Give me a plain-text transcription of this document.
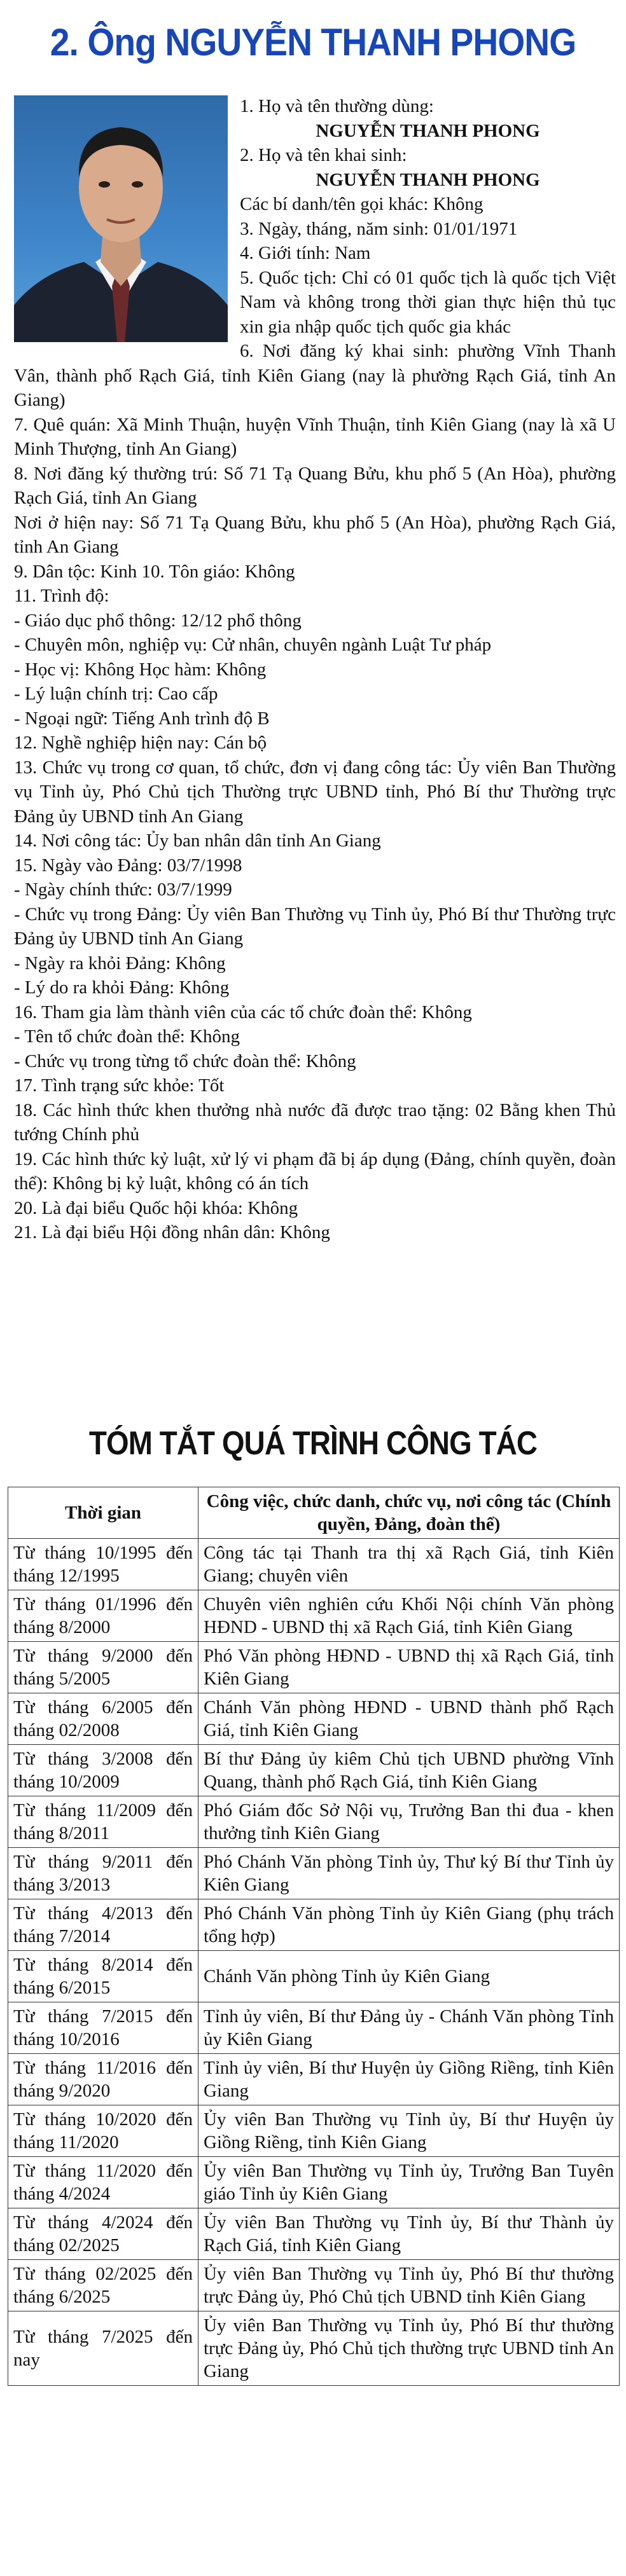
2. Ông NGUYỄN THANH PHONG
1. Họ và tên thường dùng:
NGUYỄN THANH PHONG
2. Họ và tên khai sinh:
NGUYỄN THANH PHONG
Các bí danh/tên gọi khác: Không
3. Ngày, tháng, năm sinh: 01/01/1971
4. Giới tính: Nam
5. Quốc tịch: Chỉ có 01 quốc tịch là quốc tịch Việt Nam và không trong thời gian thực hiện thủ tục xin gia nhập quốc tịch quốc gia khác
6. Nơi đăng ký khai sinh: phường Vĩnh Thanh Vân, thành phố Rạch Giá, tỉnh Kiên Giang (nay là phường Rạch Giá, tỉnh An Giang)
7. Quê quán: Xã Minh Thuận, huyện Vĩnh Thuận, tỉnh Kiên Giang (nay là xã U Minh Thượng, tỉnh An Giang)
8. Nơi đăng ký thường trú: Số 71 Tạ Quang Bửu, khu phố 5 (An Hòa), phường Rạch Giá, tỉnh An Giang
Nơi ở hiện nay: Số 71 Tạ Quang Bửu, khu phố 5 (An Hòa), phường Rạch Giá, tỉnh An Giang
9. Dân tộc: Kinh 10. Tôn giáo: Không
11. Trình độ:
- Giáo dục phổ thông: 12/12 phổ thông
- Chuyên môn, nghiệp vụ: Cử nhân, chuyên ngành Luật Tư pháp
- Học vị: Không Học hàm: Không
- Lý luận chính trị: Cao cấp
- Ngoại ngữ: Tiếng Anh trình độ B
12. Nghề nghiệp hiện nay: Cán bộ
13. Chức vụ trong cơ quan, tổ chức, đơn vị đang công tác: Ủy viên Ban Thường vụ Tỉnh ủy, Phó Chủ tịch Thường trực UBND tỉnh, Phó Bí thư Thường trực Đảng ủy UBND tỉnh An Giang
14. Nơi công tác: Ủy ban nhân dân tỉnh An Giang
15. Ngày vào Đảng: 03/7/1998
- Ngày chính thức: 03/7/1999
- Chức vụ trong Đảng: Ủy viên Ban Thường vụ Tỉnh ủy, Phó Bí thư Thường trực Đảng ủy UBND tỉnh An Giang
- Ngày ra khỏi Đảng: Không
- Lý do ra khỏi Đảng: Không
16. Tham gia làm thành viên của các tổ chức đoàn thể: Không
- Tên tổ chức đoàn thể: Không
- Chức vụ trong từng tổ chức đoàn thể: Không
17. Tình trạng sức khỏe: Tốt
18. Các hình thức khen thưởng nhà nước đã được trao tặng: 02 Bằng khen Thủ tướng Chính phủ
19. Các hình thức kỷ luật, xử lý vi phạm đã bị áp dụng (Đảng, chính quyền, đoàn thể): Không bị kỷ luật, không có án tích
20. Là đại biểu Quốc hội khóa: Không
21. Là đại biểu Hội đồng nhân dân: Không
TÓM TẮT QUÁ TRÌNH CÔNG TÁC
Thời gian	Công việc, chức danh, chức vụ, nơi công tác (Chính quyền, Đảng, đoàn thể)
Từ tháng 10/1995 đến tháng 12/1995	Công tác tại Thanh tra thị xã Rạch Giá, tỉnh Kiên Giang; chuyên viên
Từ tháng 01/1996 đến tháng 8/2000	Chuyên viên nghiên cứu Khối Nội chính Văn phòng HĐND - UBND thị xã Rạch Giá, tỉnh Kiên Giang
Từ tháng 9/2000 đến tháng 5/2005	Phó Văn phòng HĐND - UBND thị xã Rạch Giá, tỉnh Kiên Giang
Từ tháng 6/2005 đến tháng 02/2008	Chánh Văn phòng HĐND - UBND thành phố Rạch Giá, tỉnh Kiên Giang
Từ tháng 3/2008 đến tháng 10/2009	Bí thư Đảng ủy kiêm Chủ tịch UBND phường Vĩnh Quang, thành phố Rạch Giá, tỉnh Kiên Giang
Từ tháng 11/2009 đến tháng 8/2011	Phó Giám đốc Sở Nội vụ, Trưởng Ban thi đua - khen thưởng tỉnh Kiên Giang
Từ tháng 9/2011 đến tháng 3/2013	Phó Chánh Văn phòng Tỉnh ủy, Thư ký Bí thư Tỉnh ủy Kiên Giang
Từ tháng 4/2013 đến tháng 7/2014	Phó Chánh Văn phòng Tỉnh ủy Kiên Giang (phụ trách tổng hợp)
Từ tháng 8/2014 đến tháng 6/2015	Chánh Văn phòng Tỉnh ủy Kiên Giang
Từ tháng 7/2015 đến tháng 10/2016	Tỉnh ủy viên, Bí thư Đảng ủy - Chánh Văn phòng Tỉnh ủy Kiên Giang
Từ tháng 11/2016 đến tháng 9/2020	Tỉnh ủy viên, Bí thư Huyện ủy Giồng Riềng, tỉnh Kiên Giang
Từ tháng 10/2020 đến tháng 11/2020	Ủy viên Ban Thường vụ Tỉnh ủy, Bí thư Huyện ủy Giồng Riềng, tỉnh Kiên Giang
Từ tháng 11/2020 đến tháng 4/2024	Ủy viên Ban Thường vụ Tỉnh ủy, Trưởng Ban Tuyên giáo Tỉnh ủy Kiên Giang
Từ tháng 4/2024 đến tháng 02/2025	Ủy viên Ban Thường vụ Tỉnh ủy, Bí thư Thành ủy Rạch Giá, tỉnh Kiên Giang
Từ tháng 02/2025 đến tháng 6/2025	Ủy viên Ban Thường vụ Tỉnh ủy, Phó Bí thư thường trực Đảng ủy, Phó Chủ tịch UBND tỉnh Kiên Giang
Từ tháng 7/2025 đến nay	Ủy viên Ban Thường vụ Tỉnh ủy, Phó Bí thư thường trực Đảng ủy, Phó Chủ tịch thường trực UBND tỉnh An Giang
